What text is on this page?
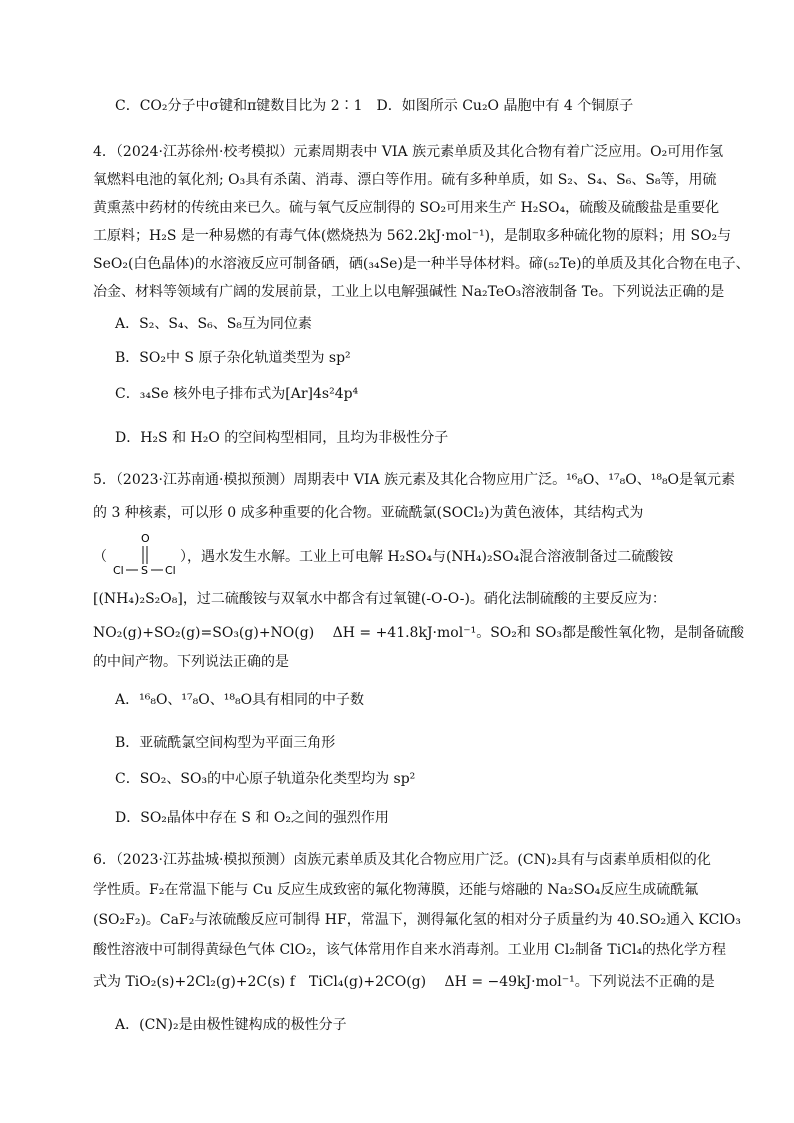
C．CO₂分子中σ键和π键数目比为 2∶1　D．如图所示 Cu₂O 晶胞中有 4 个铜原子
4．（2024·江苏徐州·校考模拟）元素周期表中 VIA 族元素单质及其化合物有着广泛应用。O₂可用作氢
氧燃料电池的氧化剂; O₃具有杀菌、消毒、漂白等作用。硫有多种单质，如 S₂、S₄、S₆、S₈等，用硫
黄熏蒸中药材的传统由来已久。硫与氧气反应制得的 SO₂可用来生产 H₂SO₄，硫酸及硫酸盐是重要化
工原料；H₂S 是一种易燃的有毒气体(燃烧热为 562.2kJ·mol⁻¹)，是制取多种硫化物的原料；用 SO₂与
SeO₂(白色晶体)的水溶液反应可制备硒，硒(₃₄Se)是一种半导体材料。碲(₅₂Te)的单质及其化合物在电子、
冶金、材料等领域有广阔的发展前景，工业上以电解强碱性 Na₂TeO₃溶液制备 Te。下列说法正确的是
A．S₂、S₄、S₆、S₈互为同位素
B．SO₂中 S 原子杂化轨道类型为 sp²
C．₃₄Se 核外电子排布式为[Ar]4s²4p⁴
D．H₂S 和 H₂O 的空间构型相同，且均为非极性分子
5．（2023·江苏南通·模拟预测）周期表中 VIA 族元素及其化合物应用广泛。¹⁶₈O、¹⁷₈O、¹⁸₈O是氧元素
的 3 种核素，可以形 0 成多种重要的化合物。亚硫酰氯(SOCl₂)为黄色液体，其结构式为
（
O
Cl S Cl
），遇水发生水解。工业上可电解 H₂SO₄与(NH₄)₂SO₄混合溶液制备过二硫酸铵
[(NH₄)₂S₂O₈]，过二硫酸铵与双氧水中都含有过氧键(-O-O-)。硝化法制硫酸的主要反应为：
NO₂(g)+SO₂(g)=SO₃(g)+NO(g)　 ΔH = +41.8kJ·mol⁻¹。SO₂和 SO₃都是酸性氧化物，是制备硫酸
的中间产物。下列说法正确的是
A．¹⁶₈O、¹⁷₈O、¹⁸₈O具有相同的中子数
B．亚硫酰氯空间构型为平面三角形
C．SO₂、SO₃的中心原子轨道杂化类型均为 sp²
D．SO₂晶体中存在 S 和 O₂之间的强烈作用
6．（2023·江苏盐城·模拟预测）卤族元素单质及其化合物应用广泛。(CN)₂具有与卤素单质相似的化
学性质。F₂在常温下能与 Cu 反应生成致密的氟化物薄膜，还能与熔融的 Na₂SO₄反应生成硫酰氟
(SO₂F₂)。CaF₂与浓硫酸反应可制得 HF，常温下，测得氟化氢的相对分子质量约为 40.SO₂通入 KClO₃
酸性溶液中可制得黄绿色气体 ClO₂，该气体常用作自来水消毒剂。工业用 Cl₂制备 TiCl₄的热化学方程
式为 TiO₂(s)+2Cl₂(g)+2C(s) f　TiCl₄(g)+2CO(g)　 ΔH = −49kJ·mol⁻¹。下列说法不正确的是
A．(CN)₂是由极性键构成的极性分子
